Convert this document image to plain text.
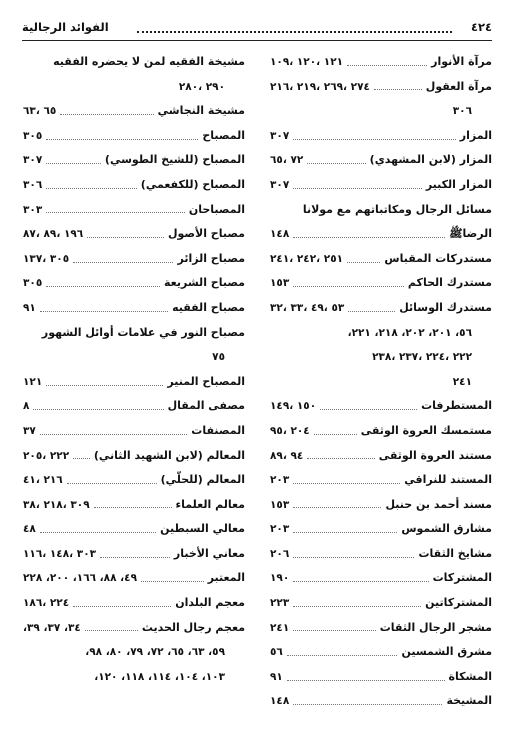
٤٢٤
الفوائد الرجالية
مرآة الأنوار
١٢١ ،١٢٠ ،١٠٩
مرآة العقول
٢٧٤ ،٢٦٩ ،٢١٩ ،٢١٦
٣٠٦
المزار
٣٠٧
المزار (لابن المشهدي)
٧٢ ،٦٥
المزار الكبير
٣٠٧
مسائل الرجال ومكاتباتهم مع مولانا
الرضاﷺ
١٤٨
مستدركات المقباس
٢٥١ ،٢٤٢ ،٢٤١
مستدرك الحاكم
١٥٣
مستدرك الوسائل
٥٣ ،٤٩ ،٣٣ ،٣٢
٥٦، ٢٠١، ٢٠٢، ٢١٨، ٢٢١،
٢٢٢ ،٢٢٤ ،٢٣٧ ،٢٣٨
٢٤١
المستطرفات
١٥٠ ،١٤٩
مستمسك العروة الوثقى
٢٠٤ ،٩٥
مستند العروة الوثقى
٩٤ ،٨٩
المستند للنراقي
٢٠٣
مسند أحمد بن حنبل
١٥٣
مشارق الشموس
٢٠٣
مشايخ الثقات
٢٠٦
المشتركات
١٩٠
المشتركاتين
٢٢٣
مشجر الرجال الثقات
٢٤١
مشرق الشمسين
٥٦
المشكاة
٩١
المشيخة
١٤٨
مشيخة الفقيه لمن لا يحضره الفقيه
٢٩٠ ،٢٨٠
مشيخة النجاشي
٦٥ ،٦٣
المصباح
٣٠٥
المصباح (للشيخ الطوسي)
٣٠٧
المصباح (للكفعمي)
٣٠٦
المصباحان
٣٠٣
مصباح الأصول
١٩٦ ،٨٩ ،٨٧
مصباح الزائر
٣٠٥ ،١٣٧
مصباح الشريعة
٣٠٥
مصباح الفقيه
٩١
مصباح النور في علامات أوائل الشهور
٧٥
المصباح المنير
١٢١
مصفى المقال
٨
المصنفات
٣٧
المعالم (لابن الشهيد الثاني)
٢٢٢ ،٢٠٥
المعالم (للحلّي)
٢١٦ ،٤١
معالم العلماء
٣٠٩ ،٢١٨ ،٣٨
معالي السبطين
٤٨
معاني الأخبار
٣٠٣ ،١٤٨ ،١١٦
المعتبر
٤٩، ٨٨، ١٦٦، ٢٠٠، ٢٢٨
معجم البلدان
٢٢٤ ،١٨٦
معجم رجال الحديث
٣٤، ٣٧، ٣٩،
٥٩، ٦٣، ٦٥، ٧٢، ٧٩، ٨٠، ٩٨،
١٠٣، ١٠٤، ١١٤، ١١٨، ١٢٠،
